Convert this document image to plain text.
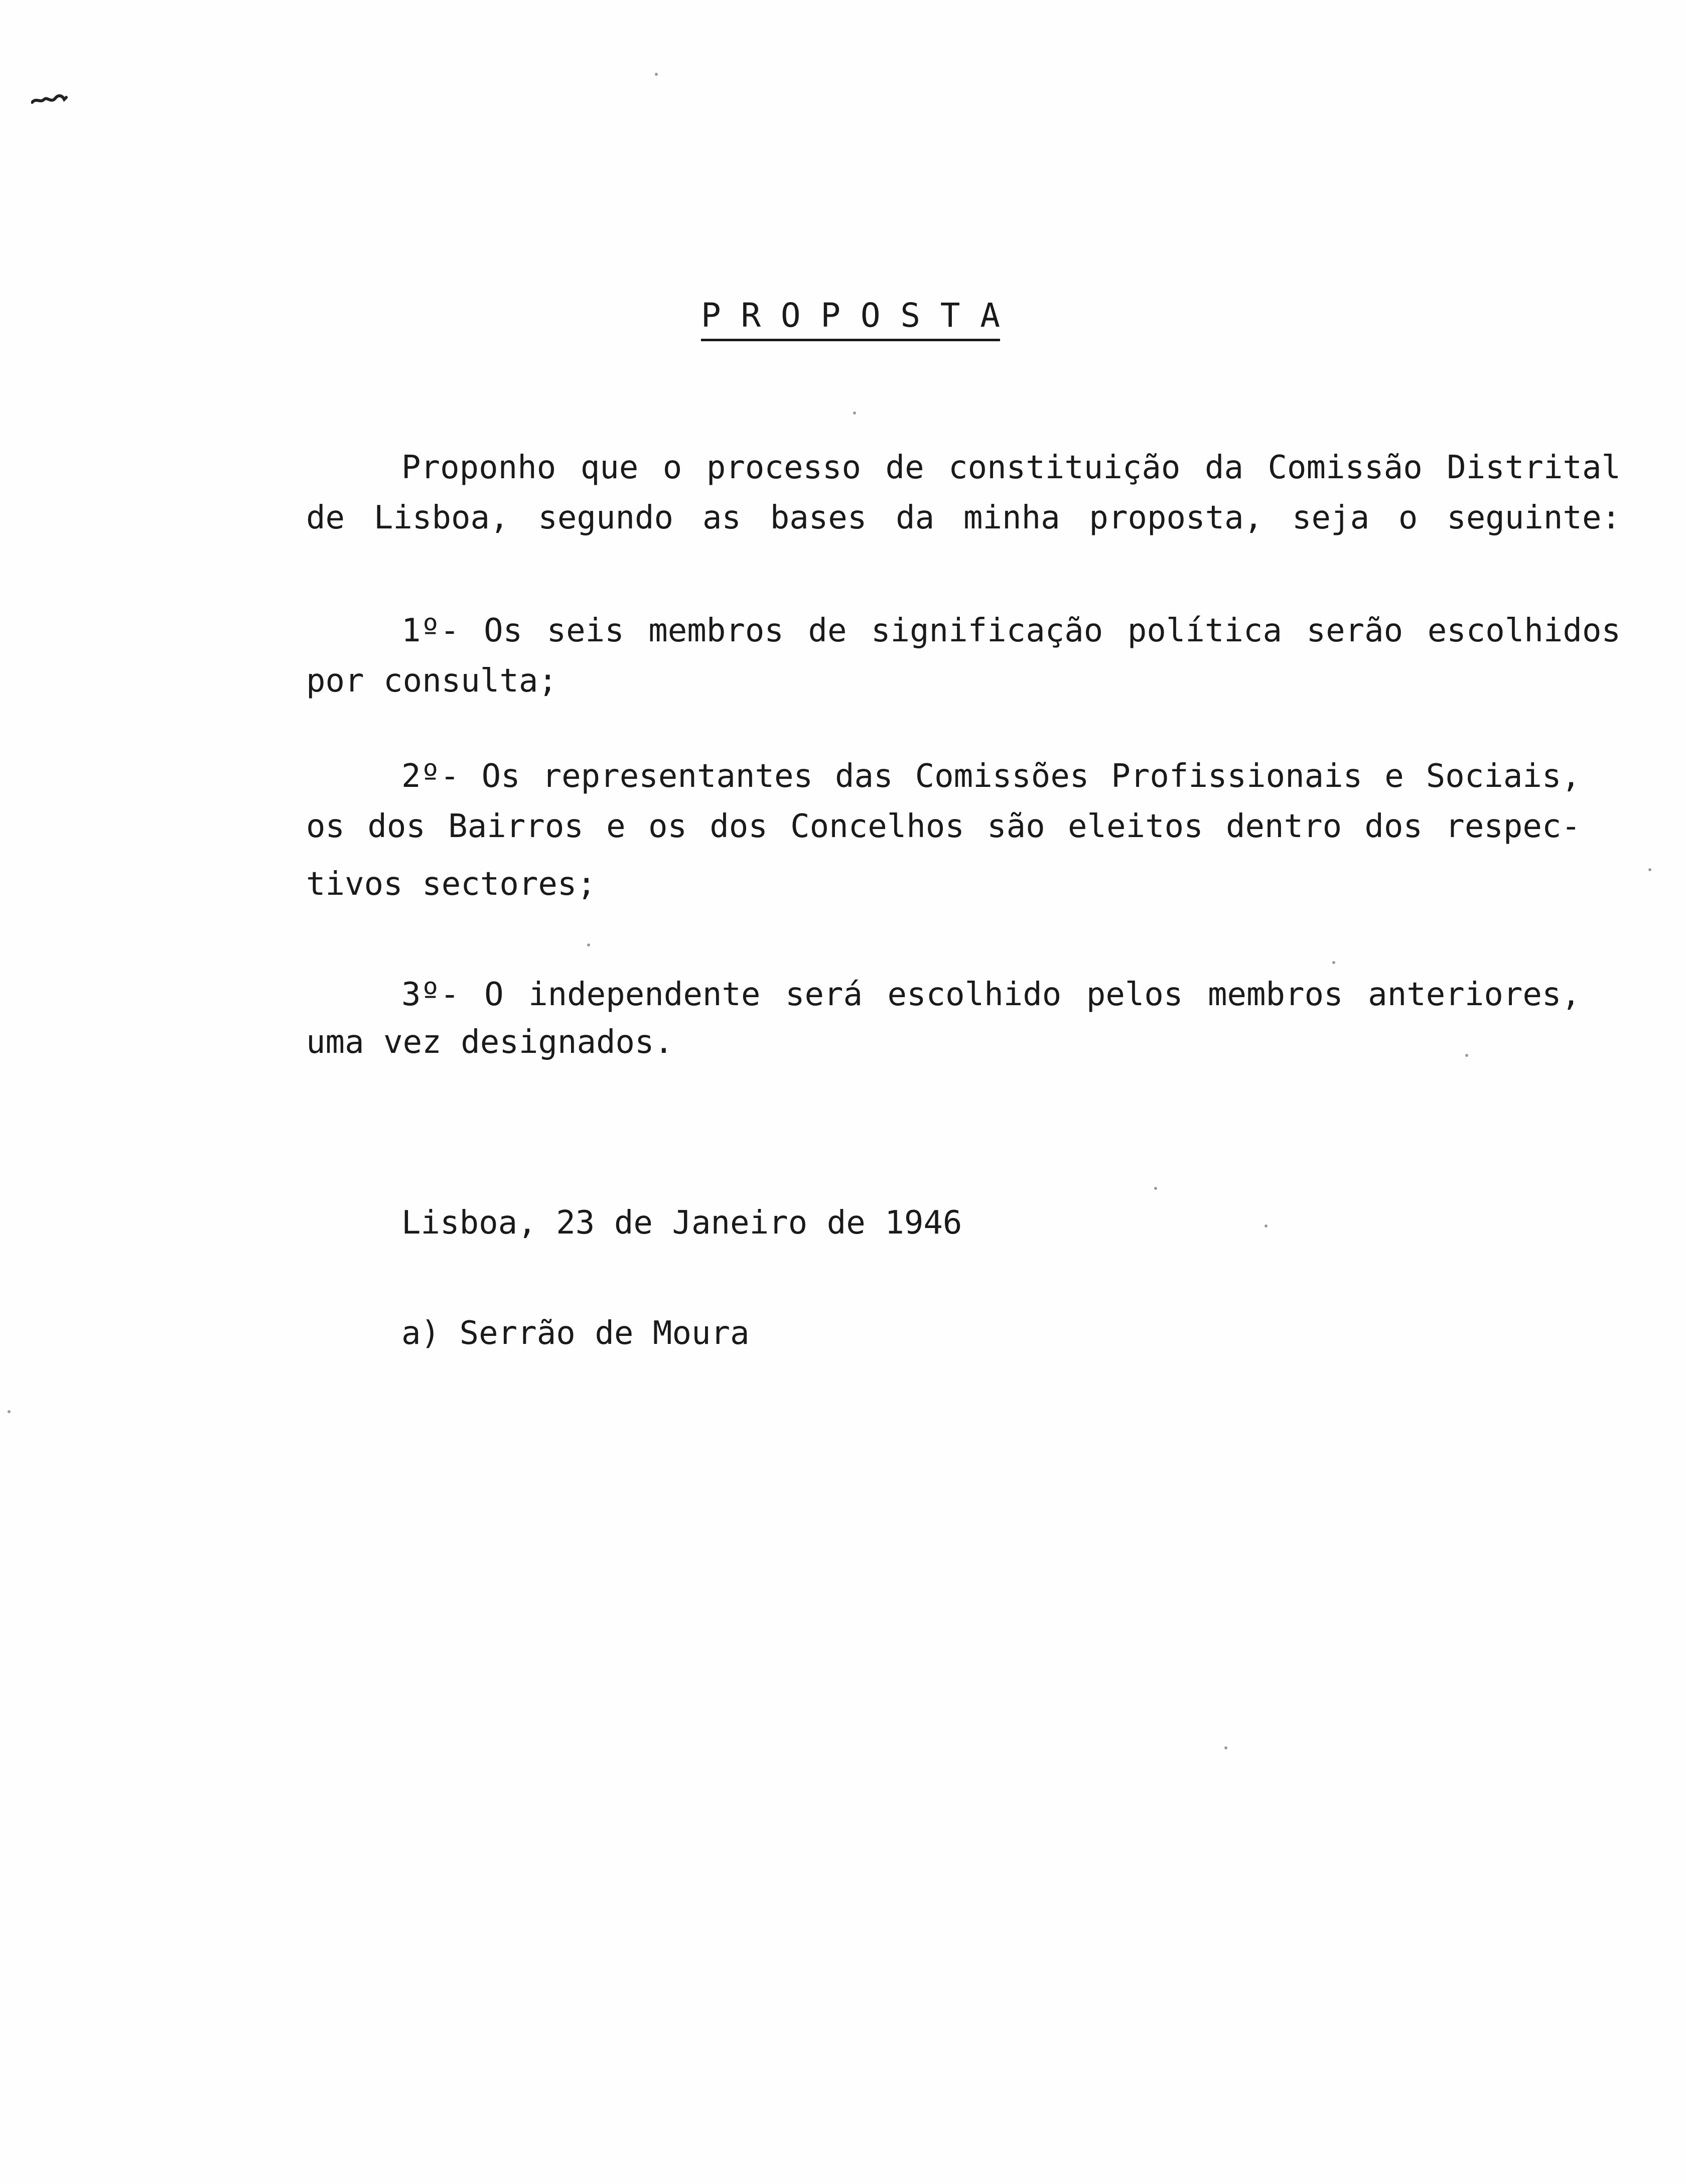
P R O P O S T A
Proponho que o processo de constituição da Comissão Distrital
de Lisboa, segundo as bases da minha proposta, seja o seguinte:
1º- Os seis membros de significação política serão escolhidos
por consulta;
2º- Os representantes das Comissões Profissionais e Sociais,
os dos Bairros e os dos Concelhos são eleitos dentro dos respec-
tivos sectores;
3º- O independente será escolhido pelos membros anteriores,
uma vez designados.
Lisboa, 23 de Janeiro de 1946
a) Serrão de Moura
